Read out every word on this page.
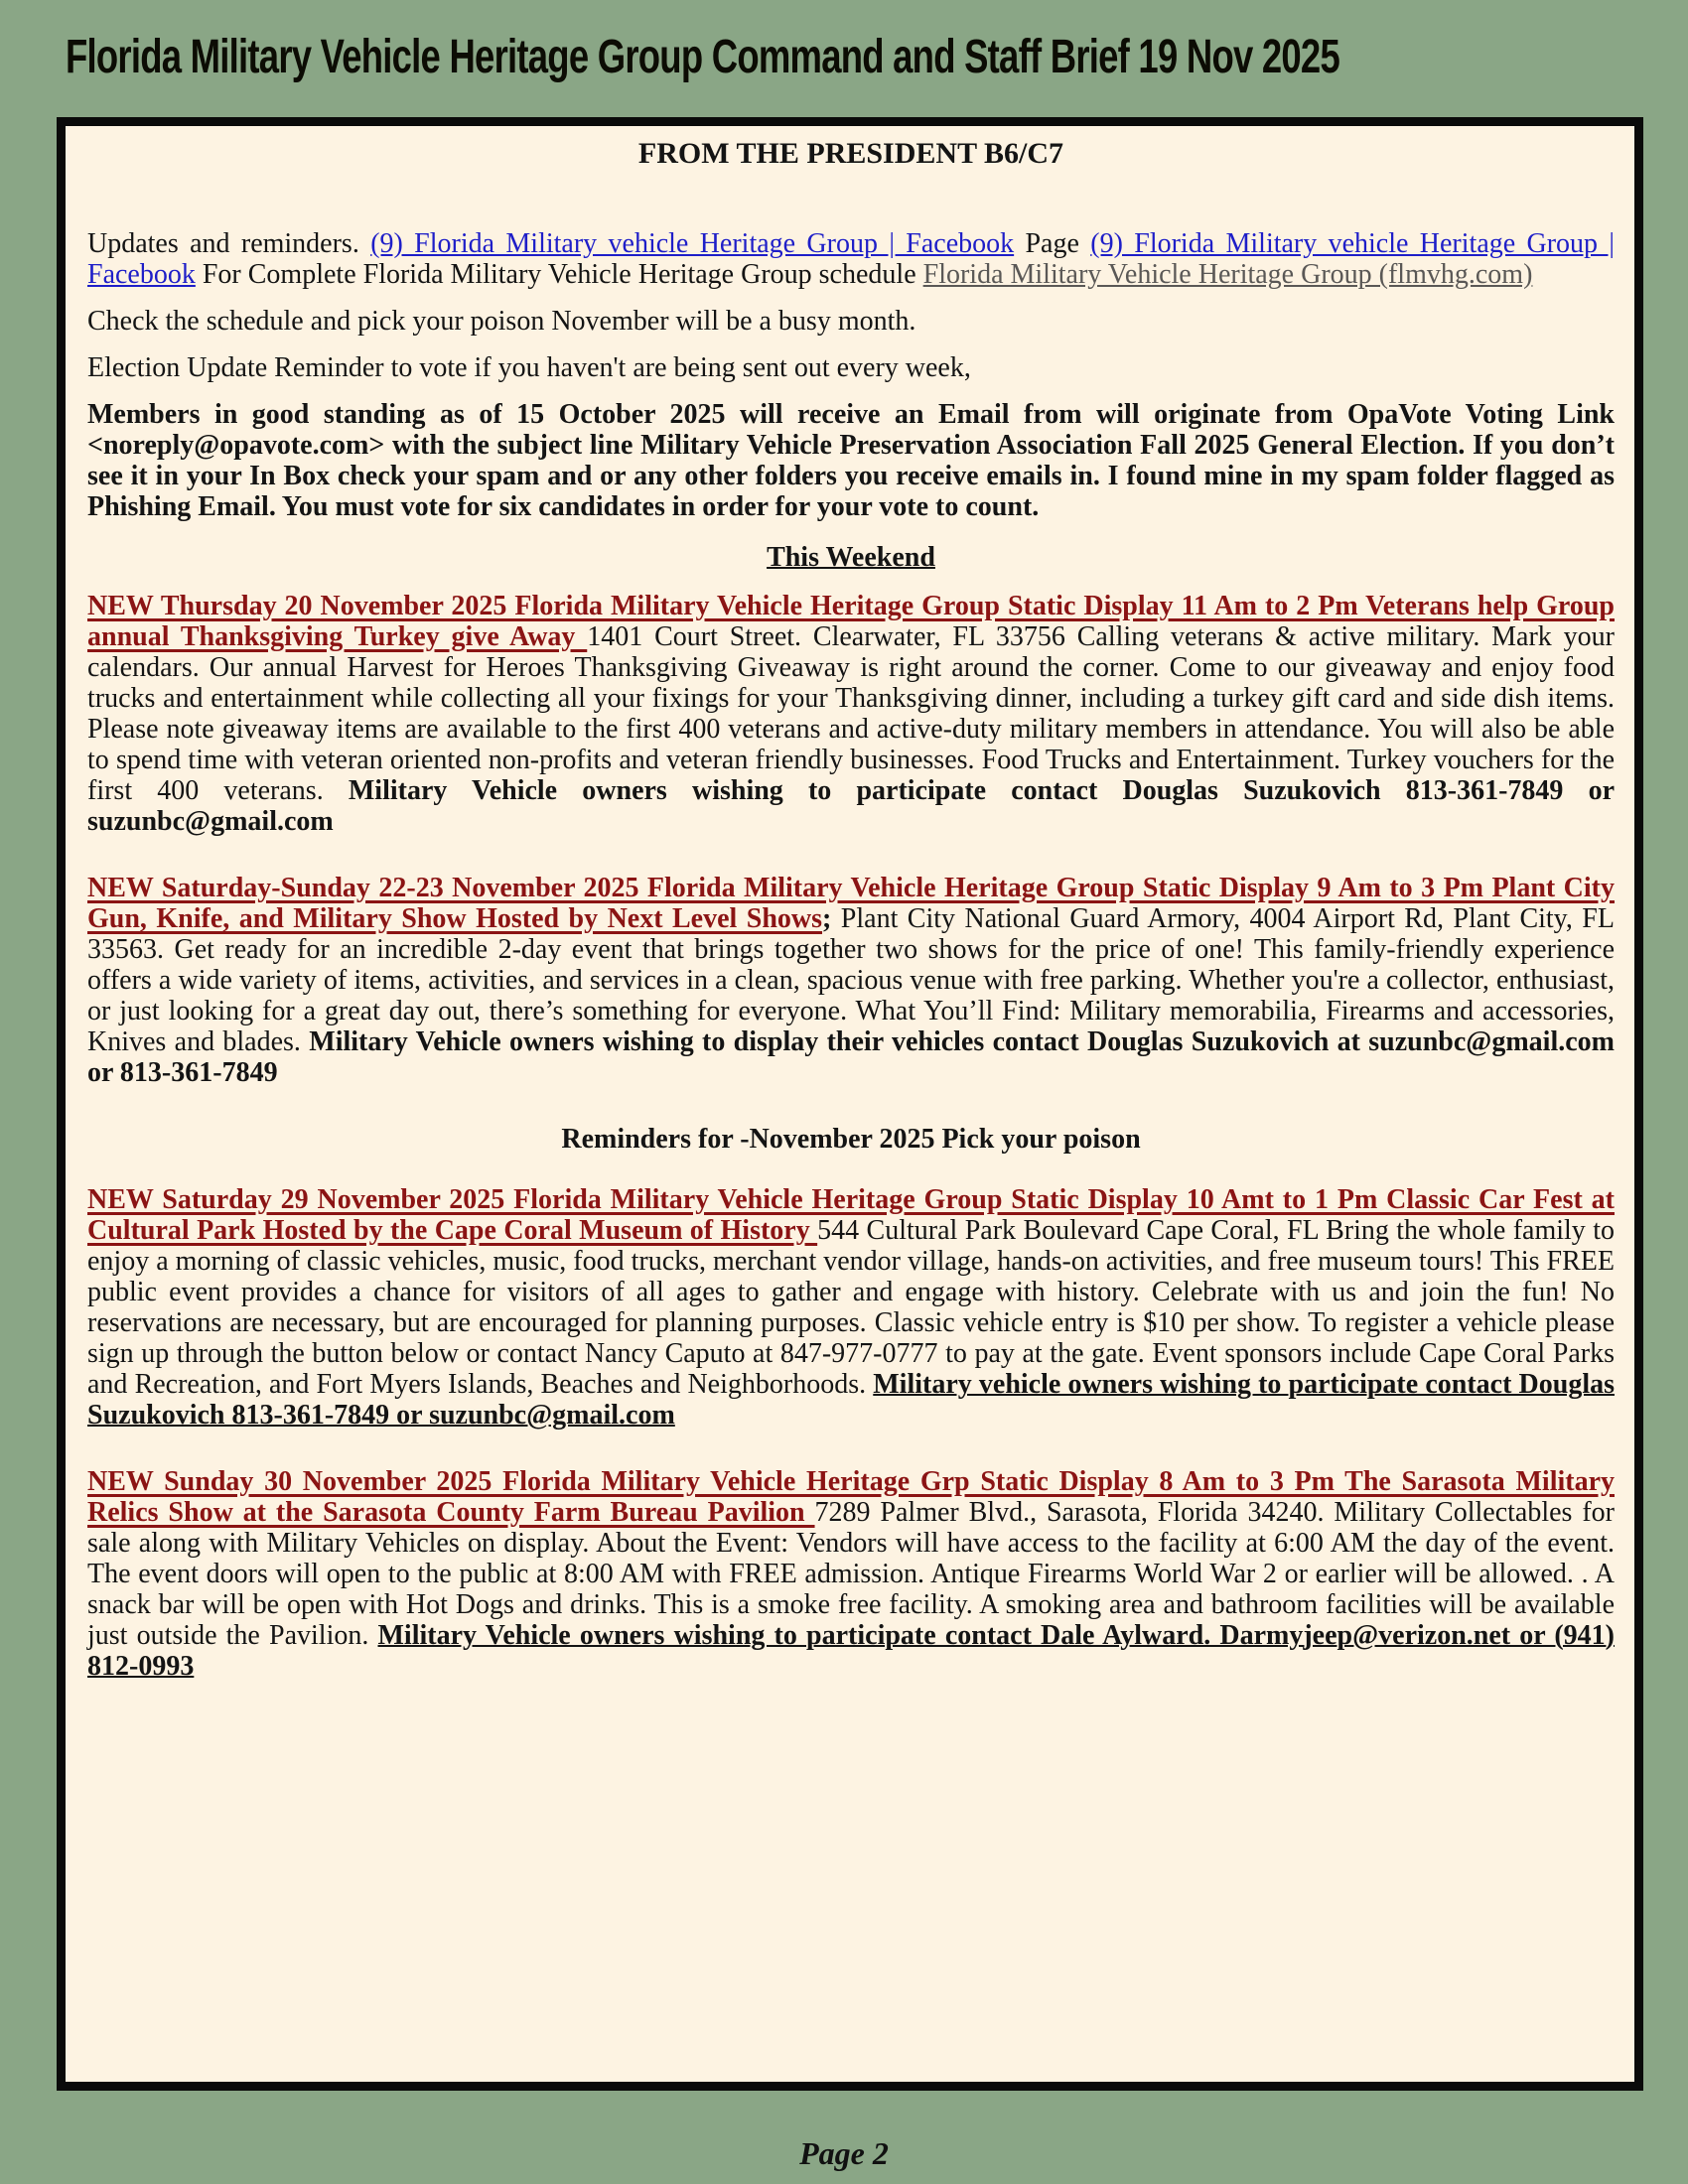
Florida Military Vehicle Heritage Group Command and Staff Brief 19 Nov 2025
FROM THE PRESIDENT B6/C7
Updates and reminders. (9) Florida Military vehicle Heritage Group | Facebook Page (9) Florida Military vehicle Heritage Group | Facebook For Complete Florida Military Vehicle Heritage Group schedule Florida Military Vehicle Heritage Group (flmvhg.com)
Check the schedule and pick your poison November will be a busy month.
Election Update Reminder to vote if you haven't are being sent out every week,
Members in good standing as of 15 October 2025 will receive an Email from will originate from OpaVote Voting Link <noreply@opavote.com> with the subject line Military Vehicle Preservation Association Fall 2025 General Election. If you don’t see it in your In Box check your spam and or any other folders you receive emails in. I found mine in my spam folder flagged as Phishing Email. You must vote for six candidates in order for your vote to count.
This Weekend
NEW Thursday 20 November 2025 Florida Military Vehicle Heritage Group Static Display 11 Am to 2 Pm Veterans help Group annual Thanksgiving Turkey give Away 1401 Court Street. Clearwater, FL 33756 Calling veterans & active military. Mark your calendars. Our annual Harvest for Heroes Thanksgiving Giveaway is right around the corner. Come to our giveaway and enjoy food trucks and entertainment while collecting all your fixings for your Thanksgiving dinner, including a turkey gift card and side dish items. Please note giveaway items are available to the first 400 veterans and active-duty military members in attendance. You will also be able to spend time with veteran oriented non-profits and veteran friendly businesses. Food Trucks and Entertainment. Turkey vouchers for the first 400 veterans. Military Vehicle owners wishing to participate contact Douglas Suzukovich 813-361-7849 or suzunbc@gmail.com
NEW Saturday-Sunday 22-23 November 2025 Florida Military Vehicle Heritage Group Static Display 9 Am to 3 Pm Plant City Gun, Knife, and Military Show Hosted by Next Level Shows; Plant City National Guard Armory, 4004 Airport Rd, Plant City, FL 33563. Get ready for an incredible 2-day event that brings together two shows for the price of one! This family-friendly experience offers a wide variety of items, activities, and services in a clean, spacious venue with free parking. Whether you're a collector, enthusiast, or just looking for a great day out, there’s something for everyone. What You’ll Find: Military memorabilia, Firearms and accessories, Knives and blades. Military Vehicle owners wishing to display their vehicles contact Douglas Suzukovich at suzunbc@gmail.com or 813-361-7849
Reminders for -November 2025 Pick your poison
NEW Saturday 29 November 2025 Florida Military Vehicle Heritage Group Static Display 10 Amt to 1 Pm Classic Car Fest at Cultural Park Hosted by the Cape Coral Museum of History 544 Cultural Park Boulevard Cape Coral, FL Bring the whole family to enjoy a morning of classic vehicles, music, food trucks, merchant vendor village, hands-on activities, and free museum tours! This FREE public event provides a chance for visitors of all ages to gather and engage with history. Celebrate with us and join the fun! No reservations are necessary, but are encouraged for planning purposes. Classic vehicle entry is $10 per show. To register a vehicle please sign up through the button below or contact Nancy Caputo at 847-977-0777 to pay at the gate. Event sponsors include Cape Coral Parks and Recreation, and Fort Myers Islands, Beaches and Neighborhoods. Military vehicle owners wishing to participate contact Douglas Suzukovich 813-361-7849 or suzunbc@gmail.com
NEW Sunday 30 November 2025 Florida Military Vehicle Heritage Grp Static Display 8 Am to 3 Pm The Sarasota Military Relics Show at the Sarasota County Farm Bureau Pavilion 7289 Palmer Blvd., Sarasota, Florida 34240. Military Collectables for sale along with Military Vehicles on display. About the Event: Vendors will have access to the facility at 6:00 AM the day of the event. The event doors will open to the public at 8:00 AM with FREE admission. Antique Firearms World War 2 or earlier will be allowed. . A snack bar will be open with Hot Dogs and drinks. This is a smoke free facility. A smoking area and bathroom facilities will be available just outside the Pavilion. Military Vehicle owners wishing to participate contact Dale Aylward. Darmyjeep@verizon.net or (941) 812-0993
Page 2
